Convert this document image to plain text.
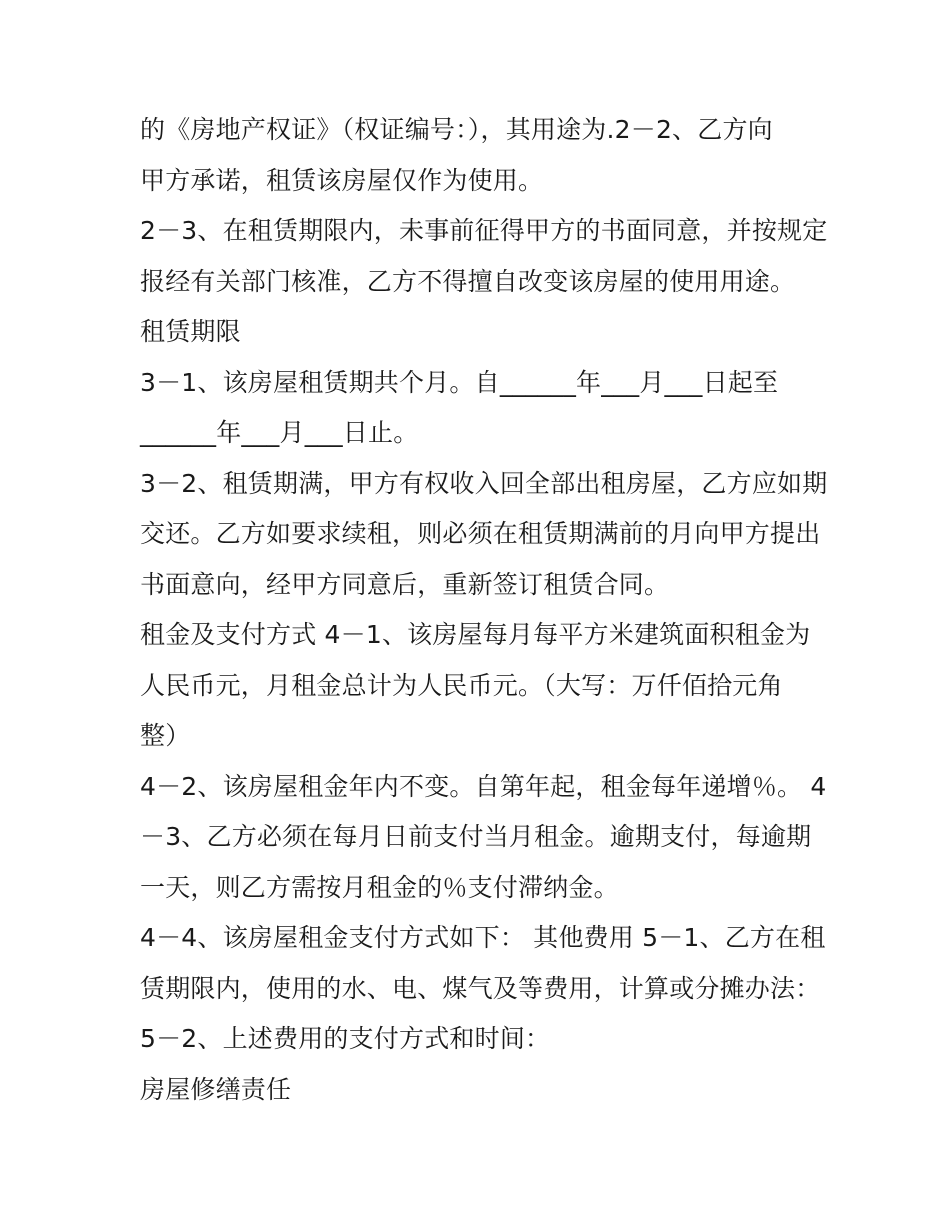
的《房地产权证》（权证编号：），其用途为.2－2、乙方向
甲方承诺，租赁该房屋仅作为使用。
2－3、在租赁期限内，未事前征得甲方的书面同意，并按规定
报经有关部门核准，乙方不得擅自改变该房屋的使用用途。
租赁期限
3－1、该房屋租赁期共个月。自______年___月___日起至
______年___月___日止。
3－2、租赁期满，甲方有权收入回全部出租房屋，乙方应如期
交还。乙方如要求续租，则必须在租赁期满前的月向甲方提出
书面意向，经甲方同意后，重新签订租赁合同。
租金及支付方式 4－1、该房屋每月每平方米建筑面积租金为
人民币元，月租金总计为人民币元。（大写：万仟佰拾元角
整）
4－2、该房屋租金年内不变。自第年起，租金每年递增％。 4
－3、乙方必须在每月日前支付当月租金。逾期支付，每逾期
一天，则乙方需按月租金的％支付滞纳金。
4－4、该房屋租金支付方式如下： 其他费用 5－1、乙方在租
赁期限内，使用的水、电、煤气及等费用，计算或分摊办法：
5－2、上述费用的支付方式和时间：
房屋修缮责任
